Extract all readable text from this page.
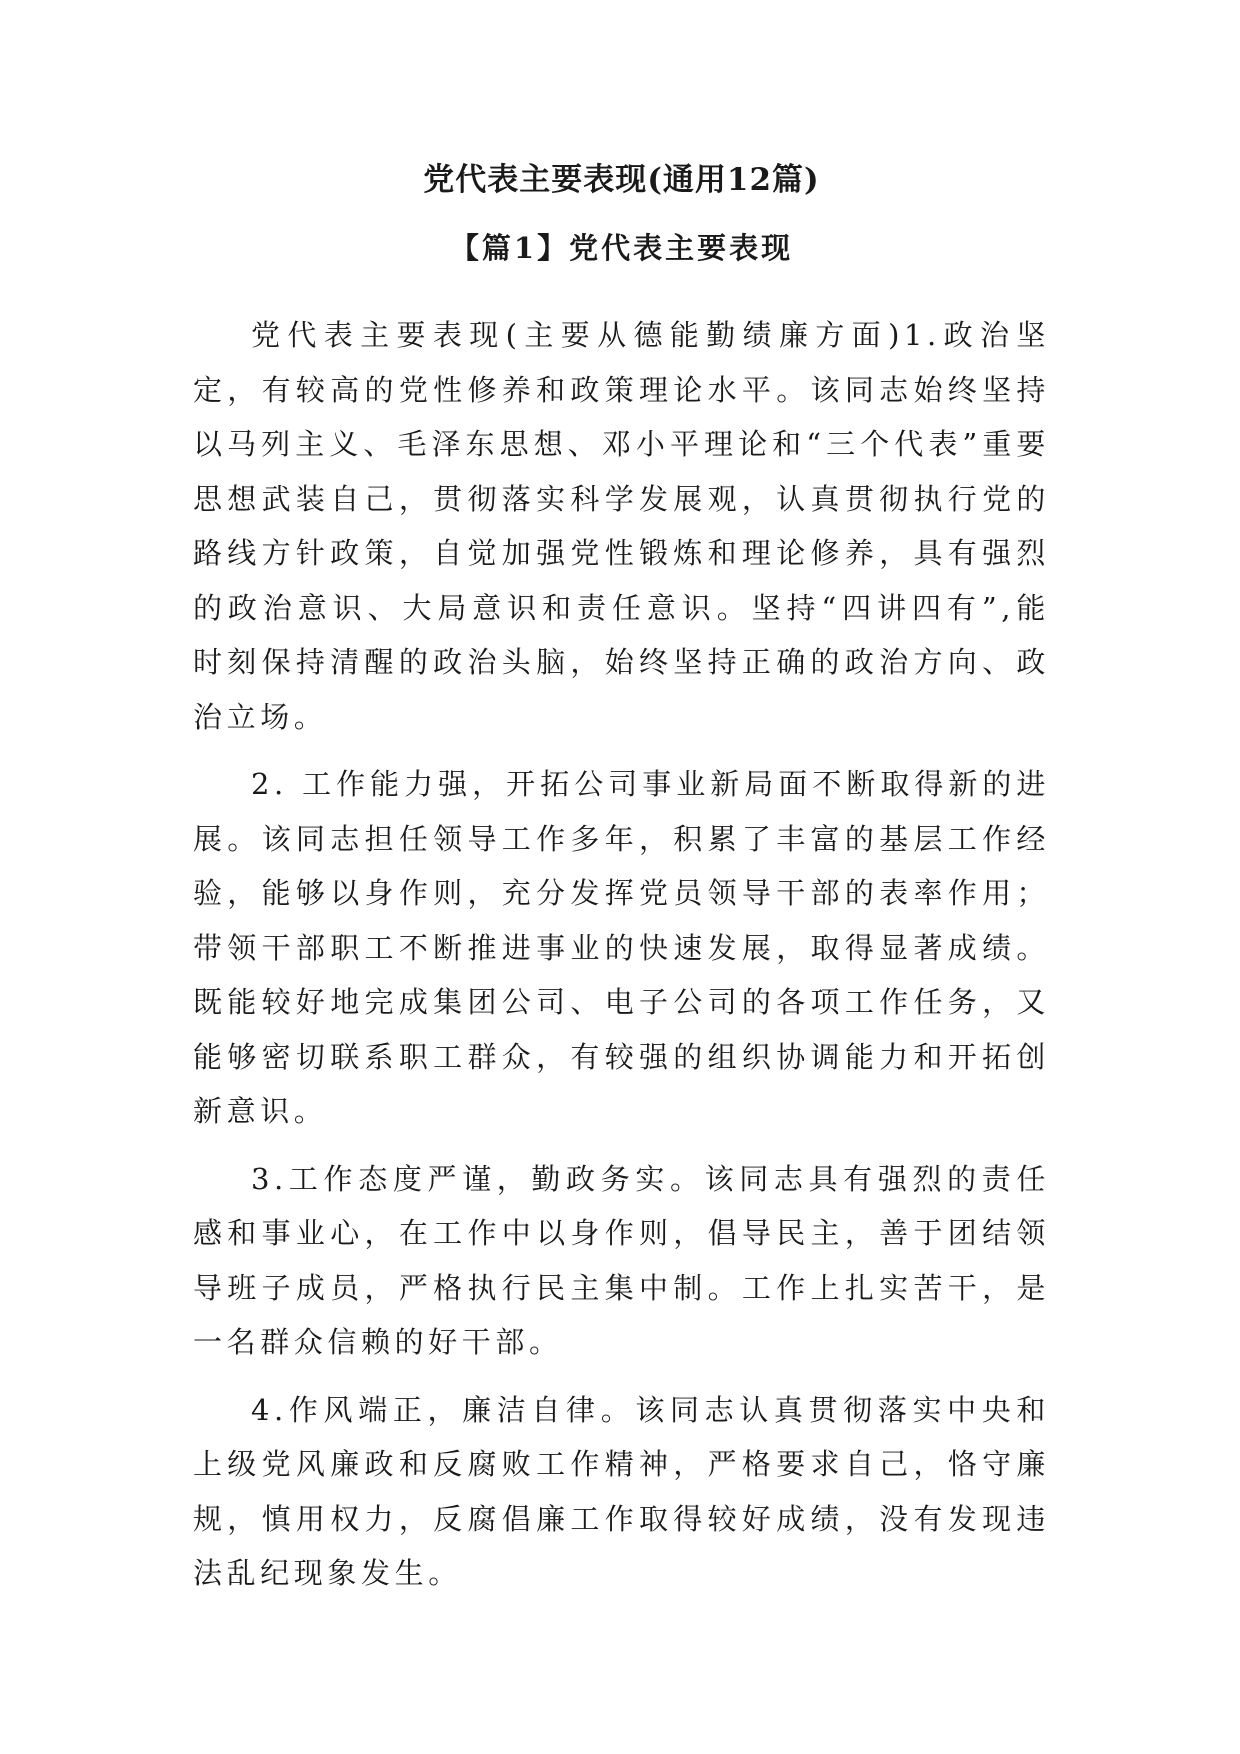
党代表主要表现(通用12篇)
【篇1】党代表主要表现

党代表主要表现(主要从德能勤绩廉方面)1.政治坚定，有较高的党性修养和政策理论水平。该同志始终坚持以马列主义、毛泽东思想、邓小平理论和“三个代表”重要思想武装自己，贯彻落实科学发展观，认真贯彻执行党的路线方针政策，自觉加强党性锻炼和理论修养，具有强烈的政治意识、大局意识和责任意识。坚持“四讲四有”,能时刻保持清醒的政治头脑，始终坚持正确的政治方向、政治立场。

2. 工作能力强，开拓公司事业新局面不断取得新的进展。该同志担任领导工作多年，积累了丰富的基层工作经验，能够以身作则，充分发挥党员领导干部的表率作用；带领干部职工不断推进事业的快速发展，取得显著成绩。既能较好地完成集团公司、电子公司的各项工作任务，又能够密切联系职工群众，有较强的组织协调能力和开拓创新意识。

3.工作态度严谨，勤政务实。该同志具有强烈的责任感和事业心，在工作中以身作则，倡导民主，善于团结领导班子成员，严格执行民主集中制。工作上扎实苦干，是一名群众信赖的好干部。

4.作风端正，廉洁自律。该同志认真贯彻落实中央和上级党风廉政和反腐败工作精神，严格要求自己，恪守廉规，慎用权力，反腐倡廉工作取得较好成绩，没有发现违法乱纪现象发生。
